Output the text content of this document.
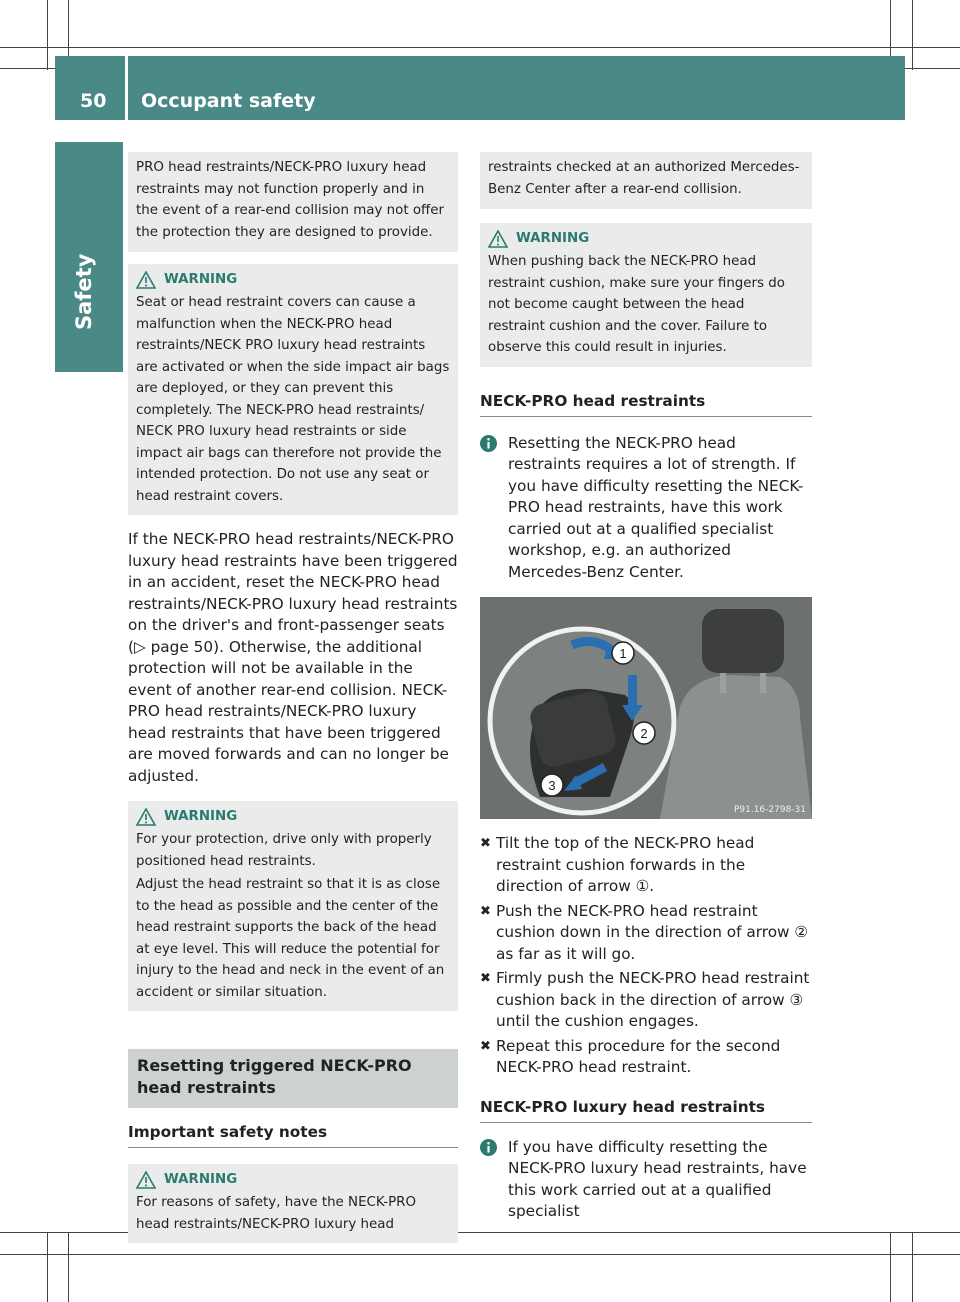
50 Occupant safety
Safety

PRO head restraints/NECK-PRO luxury head restraints may not function properly and in the event of a rear-end collision may not offer the protection they are designed to provide.

WARNING

Seat or head restraint covers can cause a malfunction when the NECK-PRO head restraints/NECK PRO luxury head restraints are activated or when the side impact air bags are deployed, or they can prevent this completely. The NECK-PRO head restraints/ NECK PRO luxury head restraints or side impact air bags can therefore not provide the intended protection. Do not use any seat or head restraint covers.

If the NECK-PRO head restraints/NECK-PRO luxury head restraints have been triggered in an accident, reset the NECK-PRO head restraints/NECK-PRO luxury head restraints on the driver's and front-passenger seats (▷ page 50). Otherwise, the additional protection will not be available in the event of another rear-end collision. NECK-PRO head restraints/NECK-PRO luxury head restraints that have been triggered are moved forwards and can no longer be adjusted.

WARNING

For your protection, drive only with properly positioned head restraints.

Adjust the head restraint so that it is as close to the head as possible and the center of the head restraint supports the back of the head at eye level. This will reduce the potential for injury to the head and neck in the event of an accident or similar situation.

Resetting triggered NECK-PRO head restraints
Important safety notes
WARNING

For reasons of safety, have the NECK-PRO head restraints/NECK-PRO luxury head

restraints checked at an authorized Mercedes-Benz Center after a rear-end collision.

WARNING

When pushing back the NECK-PRO head restraint cushion, make sure your fingers do not become caught between the head restraint cushion and the cover. Failure to observe this could result in injuries.

NECK-PRO head restraints

Resetting the NECK-PRO head restraints requires a lot of strength. If you have difficulty resetting the NECK-PRO head restraints, have this work carried out at a qualified specialist workshop, e.g. an authorized Mercedes-Benz Center.

1
2
3
P91.16-2798-31
✖ Tilt the top of the NECK-PRO head restraint cushion forwards in the direction of arrow ①.

✖ Push the NECK-PRO head restraint cushion down in the direction of arrow ② as far as it will go.

✖ Firmly push the NECK-PRO head restraint cushion back in the direction of arrow ③ until the cushion engages.

✖ Repeat this procedure for the second NECK-PRO head restraint.

NECK-PRO luxury head restraints

If you have difficulty resetting the NECK-PRO luxury head restraints, have this work carried out at a qualified specialist
